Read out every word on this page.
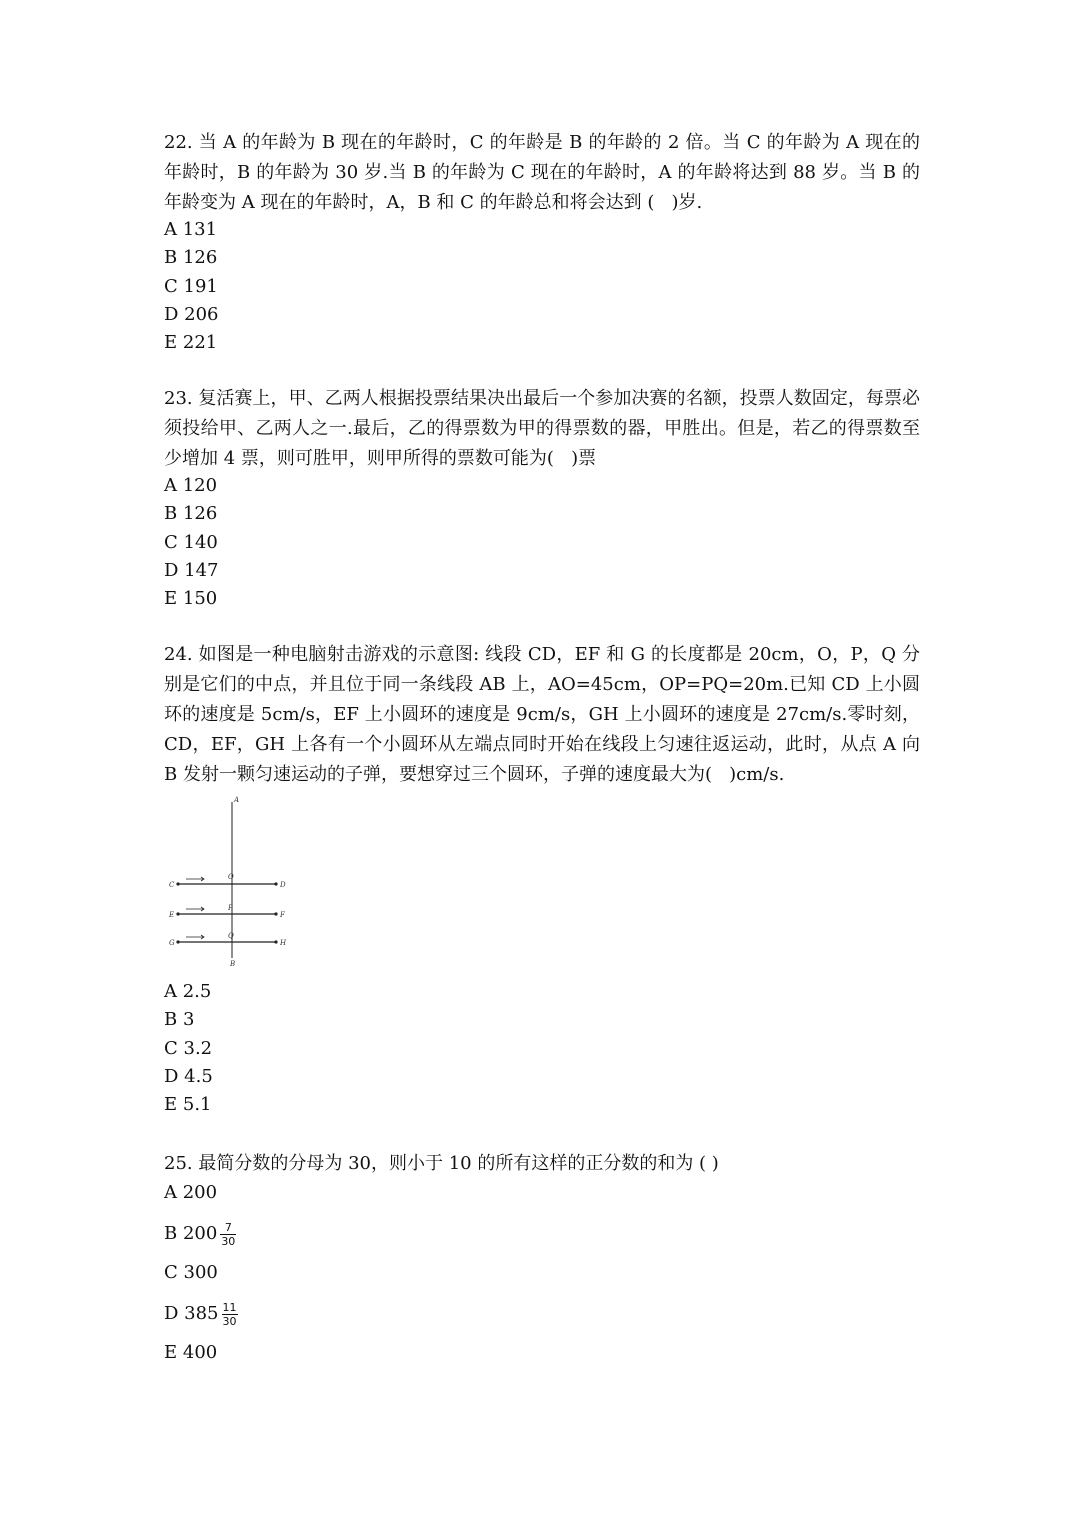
22. 当 A 的年龄为 B 现在的年龄时，C 的年龄是 B 的年龄的 2 倍。当 C 的年龄为 A 现在的年龄时，B 的年龄为 30 岁.当 B 的年龄为 C 现在的年龄时，A 的年龄将达到 88 岁。当 B 的年龄变为 A 现在的年龄时，A，B 和 C 的年龄总和将会达到 (   )岁.

A 131
B 126
C 191
D 206
E 221

23. 复活赛上，甲、乙两人根据投票结果决出最后一个参加决赛的名额，投票人数固定，每票必须投给甲、乙两人之一.最后，乙的得票数为甲的得票数的器，甲胜出。但是，若乙的得票数至少增加 4 票，则可胜甲，则甲所得的票数可能为(   )票

A 120
B 126
C 140
D 147
E 150

24. 如图是一种电脑射击游戏的示意图: 线段 CD，EF 和 G 的长度都是 20cm，O，P，Q 分别是它们的中点，并且位于同一条线段 AB 上，AO=45cm，OP=PQ=20m.已知 CD 上小圆环的速度是 5cm/s，EF 上小圆环的速度是 9cm/s，GH 上小圆环的速度是 27cm/s.零时刻，CD，EF，GH 上各有一个小圆环从左端点同时开始在线段上匀速往返运动，此时，从点 A 向 B 发射一颗匀速运动的子弹，要想穿过三个圆环，子弹的速度最大为(   )cm/s.

A
B
C	D
E	F
G	H
O
P
Q
A 2.5
B 3
C 3.2
D 4.5
E 5.1

25. 最简分数的分母为 30，则小于 10 的所有这样的正分数的和为 ( )

A 200
B $200 \frac{7}{30}$
C 300
D $385 \frac{11}{30}$
E 400
